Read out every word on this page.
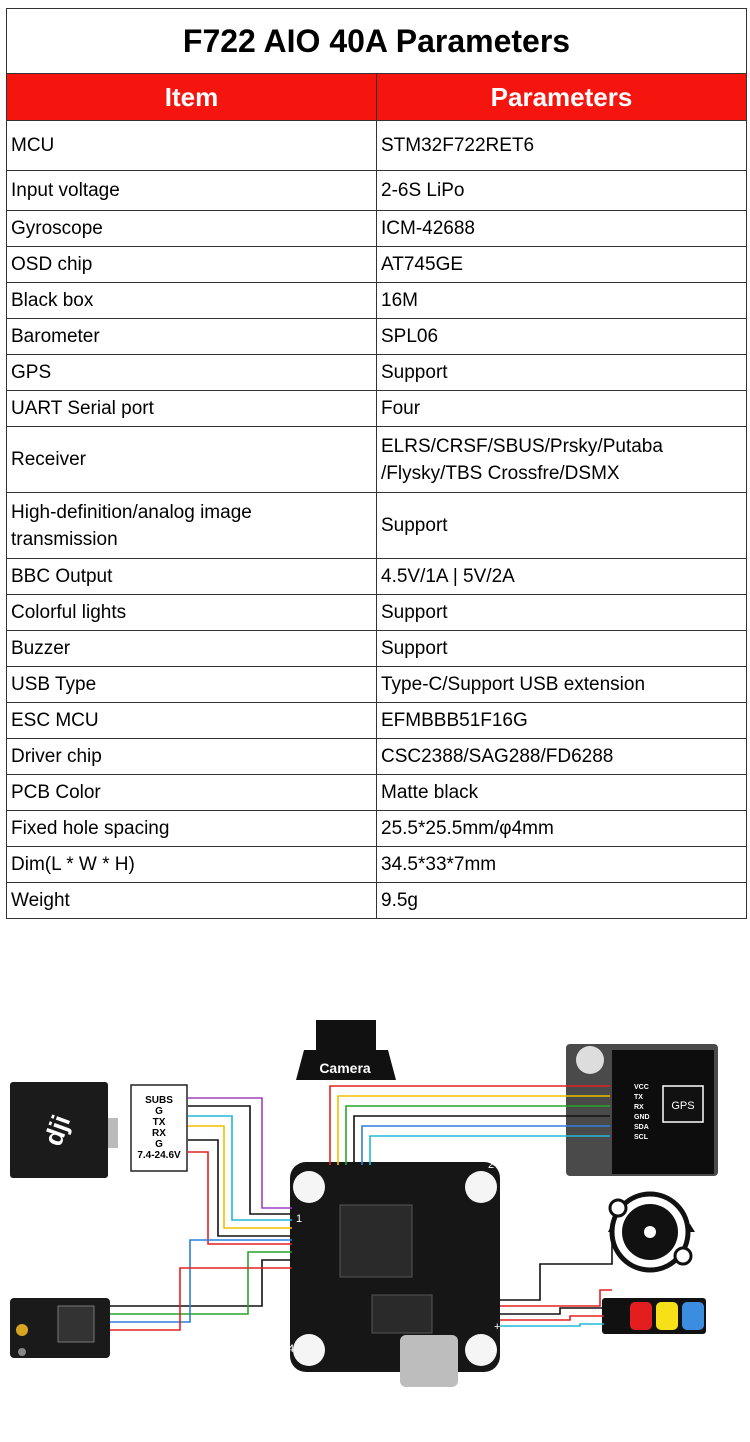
F722 AIO 40A Parameters	
Item	Parameters
MCU	STM32F722RET6
Input voltage	2-6S LiPo
Gyroscope	ICM-42688
OSD chip	AT745GE
Black box	16M
Barometer	SPL06
GPS	Support
UART Serial port	Four
Receiver	ELRS/CRSF/SBUS/Prsky/Putaba
/Flysky/TBS Crossfre/DSMX
High-definition/analog image
transmission	Support
BBC Output	4.5V/1A | 5V/2A
Colorful lights	Support
Buzzer	Support
USB Type	Type-C/Support USB extension
ESC MCU	EFMBBB51F16G
Driver chip	CSC2388/SAG288/FD6288
PCB Color	Matte black
Fixed hole spacing	25.5*25.5mm/φ4mm
Dim(L * W * H)	34.5*33*7mm
Weight	9.5g
dji
SUBS G TX RX G 7.4-24.6V
Camera
GPS
VCC TX RX GND SDA SCL
1
2
3
4
+
